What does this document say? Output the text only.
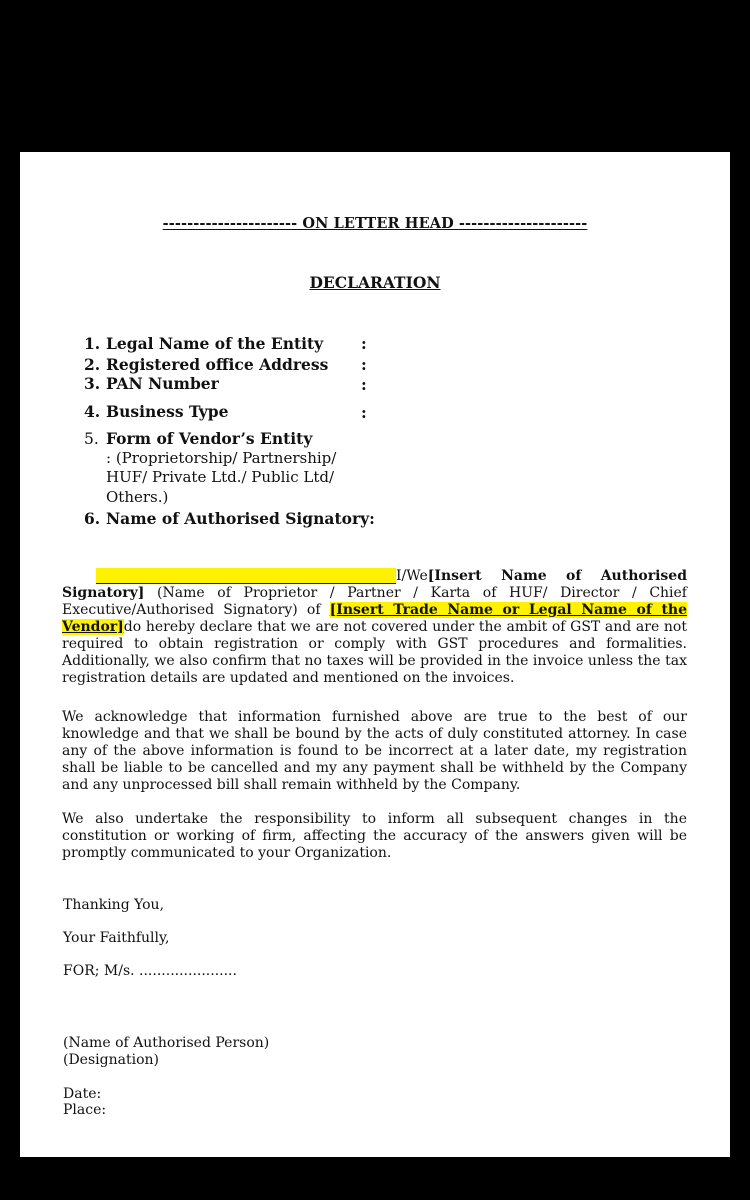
---------------------- ON LETTER HEAD ---------------------

DECLARATION

1. Legal Name of the Entity :

2. Registered office Address :

3. PAN Number	:

4. Business Type	:

5. Form of Vendor’s Entity

: (Proprietorship/ Partnership/

HUF/ Private Ltd./ Public Ltd/

Others.)

6. Name of Authorised Signatory:

I/We[Insert Name of Authorised Signatory] (Name of Proprietor / Partner / Karta of HUF/ Director / Chief Executive/Authorised Signatory) of [Insert Trade Name or Legal Name of the Vendor]do hereby declare that we are not covered under the ambit of GST and are not required to obtain registration or comply with GST procedures and formalities. Additionally, we also confirm that no taxes will be provided in the invoice unless the tax registration details are updated and mentioned on the invoices.

We acknowledge that information furnished above are true to the best of our knowledge and that we shall be bound by the acts of duly constituted attorney. In case any of the above information is found to be incorrect at a later date, my registration shall be liable to be cancelled and my any payment shall be withheld by the Company and any unprocessed bill shall remain withheld by the Company.

We also undertake the responsibility to inform all subsequent changes in the constitution or working of firm, affecting the accuracy of the answers given will be promptly communicated to your Organization.

Thanking You,

Your Faithfully,

FOR; M/s. ......................

(Name of Authorised Person)

(Designation)

Date:

Place:
